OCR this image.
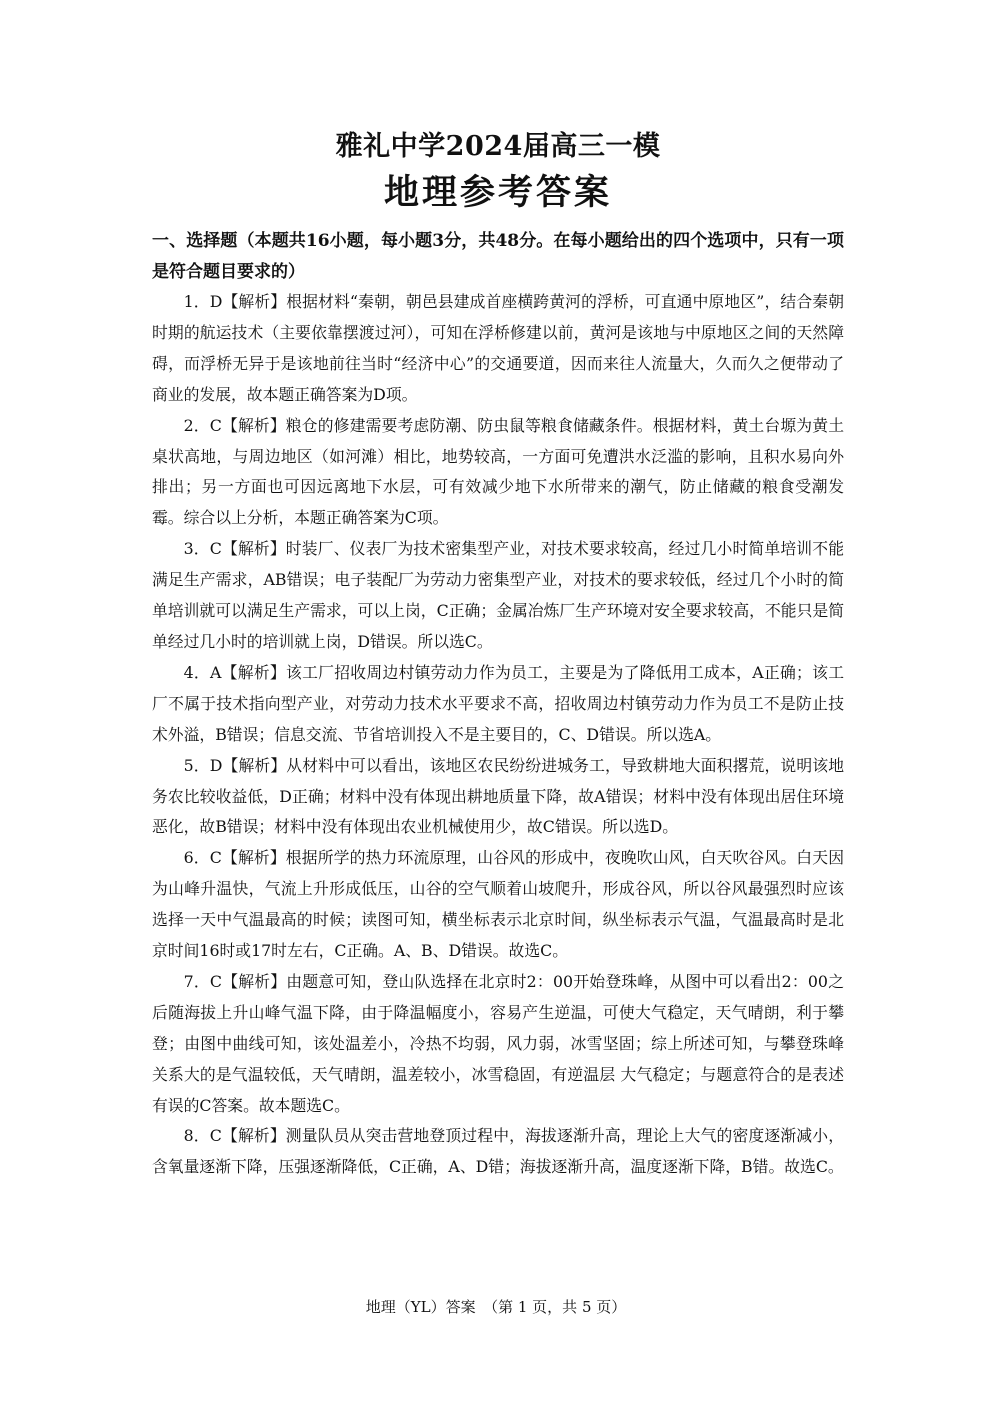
雅礼中学2024届高三一模
地理参考答案

一、选择题（本题共16小题，每小题3分，共48分。在每小题给出的四个选项中，只有一项是符合题目要求的）

1．D【解析】根据材料“秦朝，朝邑县建成首座横跨黄河的浮桥，可直通中原地区”，结合秦朝时期的航运技术（主要依靠摆渡过河），可知在浮桥修建以前，黄河是该地与中原地区之间的天然障碍，而浮桥无异于是该地前往当时“经济中心”的交通要道，因而来往人流量大，久而久之便带动了商业的发展，故本题正确答案为D项。

2．C【解析】粮仓的修建需要考虑防潮、防虫鼠等粮食储藏条件。根据材料，黄土台塬为黄土桌状高地，与周边地区（如河滩）相比，地势较高，一方面可免遭洪水泛滥的影响，且积水易向外排出；另一方面也可因远离地下水层，可有效减少地下水所带来的潮气，防止储藏的粮食受潮发霉。综合以上分析，本题正确答案为C项。

3．C【解析】时装厂、仪表厂为技术密集型产业，对技术要求较高，经过几小时简单培训不能满足生产需求，AB错误；电子装配厂为劳动力密集型产业，对技术的要求较低，经过几个小时的简单培训就可以满足生产需求，可以上岗，C正确；金属冶炼厂生产环境对安全要求较高，不能只是简单经过几小时的培训就上岗，D错误。所以选C。

4．A【解析】该工厂招收周边村镇劳动力作为员工，主要是为了降低用工成本，A正确；该工厂不属于技术指向型产业，对劳动力技术水平要求不高，招收周边村镇劳动力作为员工不是防止技术外溢，B错误；信息交流、节省培训投入不是主要目的，C、D错误。所以选A。

5．D【解析】从材料中可以看出，该地区农民纷纷进城务工，导致耕地大面积撂荒，说明该地务农比较收益低，D正确；材料中没有体现出耕地质量下降，故A错误；材料中没有体现出居住环境恶化，故B错误；材料中没有体现出农业机械使用少，故C错误。所以选D。

6．C【解析】根据所学的热力环流原理，山谷风的形成中，夜晚吹山风，白天吹谷风。白天因为山峰升温快，气流上升形成低压，山谷的空气顺着山坡爬升，形成谷风，所以谷风最强烈时应该选择一天中气温最高的时候；读图可知，横坐标表示北京时间，纵坐标表示气温，气温最高时是北京时间16时或17时左右，C正确。A、B、D错误。故选C。

7．C【解析】由题意可知，登山队选择在北京时2：00开始登珠峰，从图中可以看出2：00之后随海拔上升山峰气温下降，由于降温幅度小，容易产生逆温，可使大气稳定，天气晴朗，利于攀登；由图中曲线可知，该处温差小，冷热不均弱，风力弱，冰雪坚固；综上所述可知，与攀登珠峰关系大的是气温较低，天气晴朗，温差较小，冰雪稳固，有逆温层 大气稳定；与题意符合的是表述有误的C答案。故本题选C。

8．C【解析】测量队员从突击营地登顶过程中，海拔逐渐升高，理论上大气的密度逐渐减小，含氧量逐渐下降，压强逐渐降低，C正确，A、D错；海拔逐渐升高，温度逐渐下降，B错。故选C。

地理（YL）答案　（第 1 页，共 5 页）
